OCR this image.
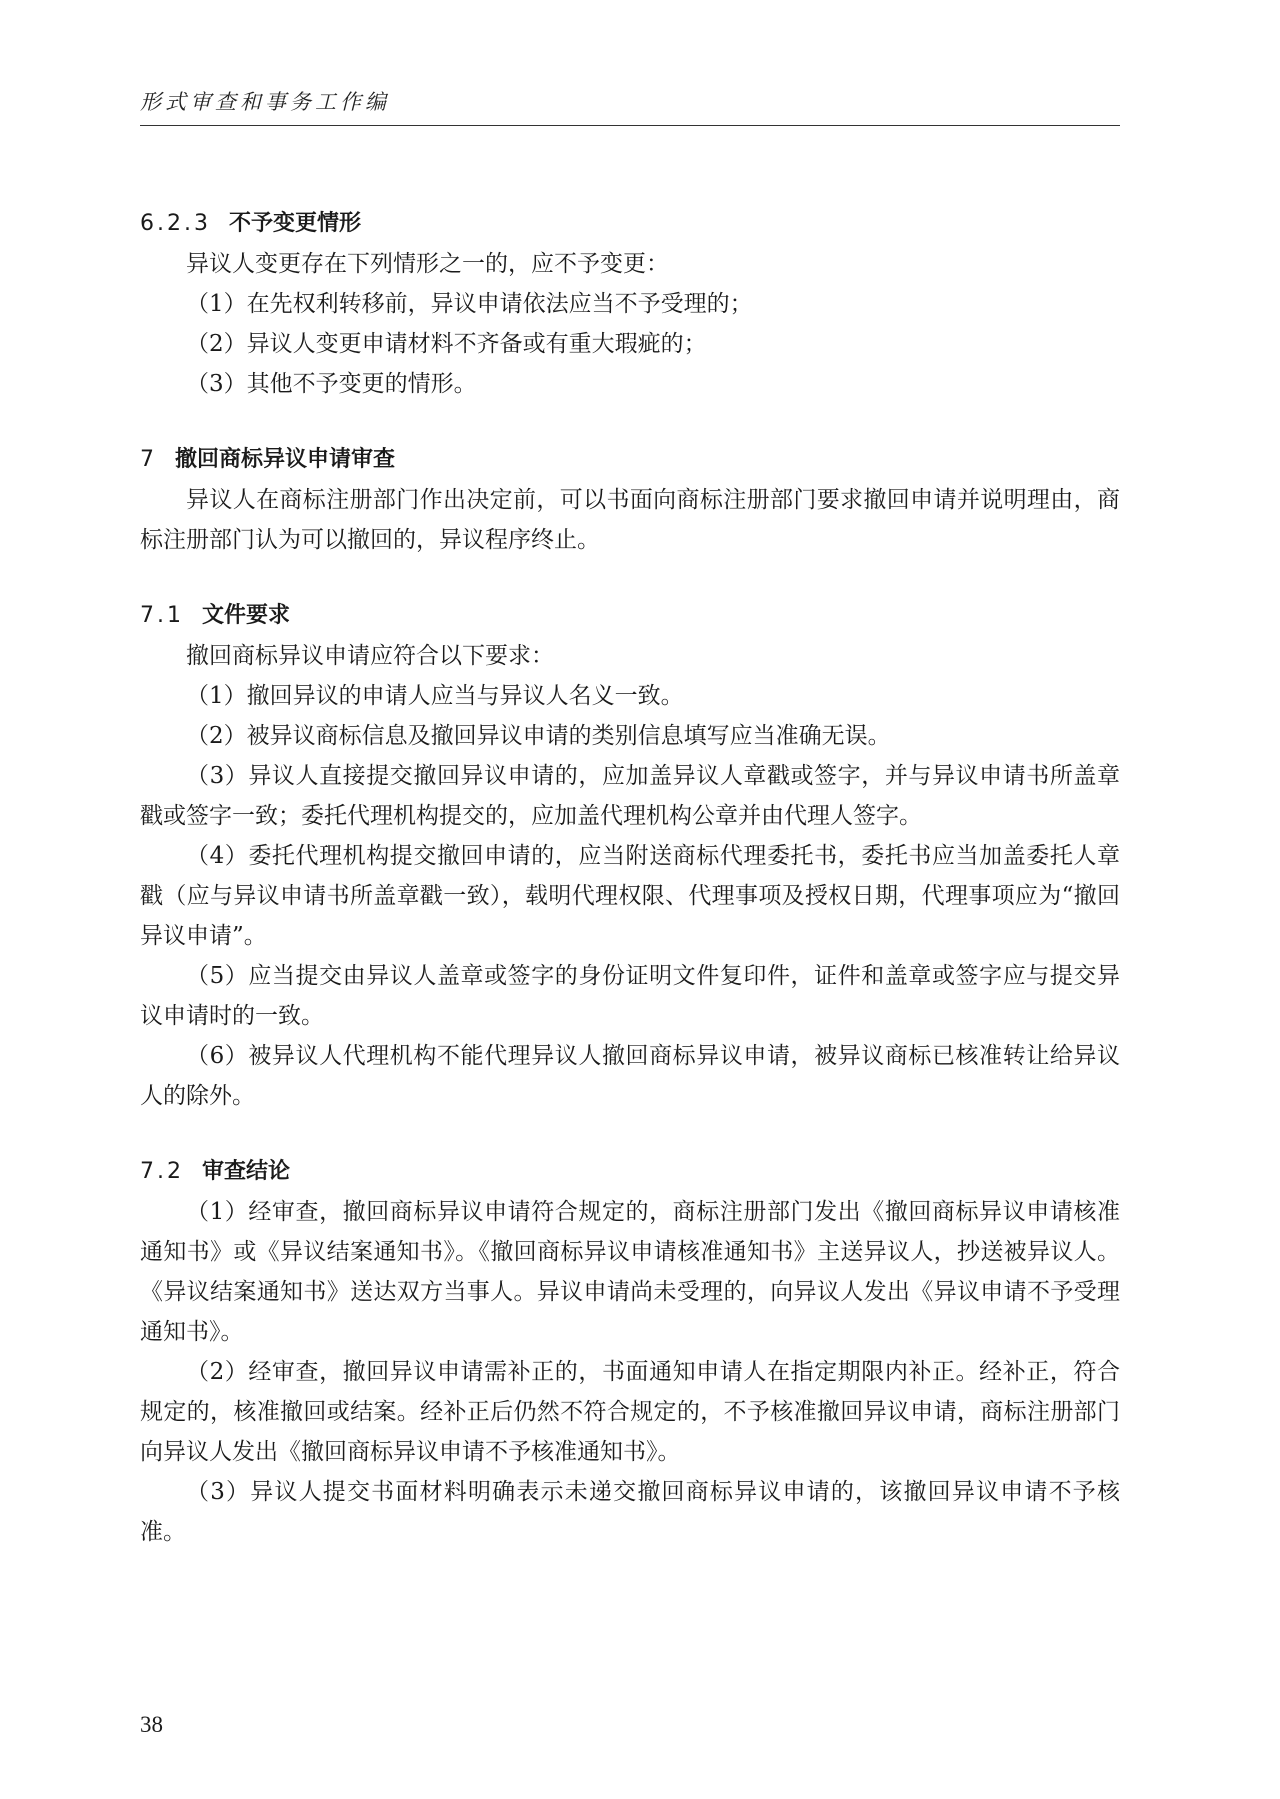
形式审查和事务工作编
6.2.3 不予变更情形

异议人变更存在下列情形之一的，应不予变更：

（1）在先权利转移前，异议申请依法应当不予受理的；

（2）异议人变更申请材料不齐备或有重大瑕疵的；

（3）其他不予变更的情形。

7 撤回商标异议申请审查

异议人在商标注册部门作出决定前，可以书面向商标注册部门要求撤回申请并说明理由，商标注册部门认为可以撤回的，异议程序终止。

7.1 文件要求

撤回商标异议申请应符合以下要求：

（1）撤回异议的申请人应当与异议人名义一致。

（2）被异议商标信息及撤回异议申请的类别信息填写应当准确无误。

（3）异议人直接提交撤回异议申请的，应加盖异议人章戳或签字，并与异议申请书所盖章戳或签字一致；委托代理机构提交的，应加盖代理机构公章并由代理人签字。

（4）委托代理机构提交撤回申请的，应当附送商标代理委托书，委托书应当加盖委托人章戳（应与异议申请书所盖章戳一致），载明代理权限、代理事项及授权日期，代理事项应为“撤回异议申请”。

（5）应当提交由异议人盖章或签字的身份证明文件复印件，证件和盖章或签字应与提交异议申请时的一致。

（6）被异议人代理机构不能代理异议人撤回商标异议申请，被异议商标已核准转让给异议人的除外。

7.2 审查结论

（1）经审查，撤回商标异议申请符合规定的，商标注册部门发出《撤回商标异议申请核准通知书》或《异议结案通知书》。《撤回商标异议申请核准通知书》主送异议人，抄送被异议人。《异议结案通知书》送达双方当事人。异议申请尚未受理的，向异议人发出《异议申请不予受理通知书》。

（2）经审查，撤回异议申请需补正的，书面通知申请人在指定期限内补正。经补正，符合规定的，核准撤回或结案。经补正后仍然不符合规定的，不予核准撤回异议申请，商标注册部门向异议人发出《撤回商标异议申请不予核准通知书》。

（3）异议人提交书面材料明确表示未递交撤回商标异议申请的，该撤回异议申请不予核准。

38
